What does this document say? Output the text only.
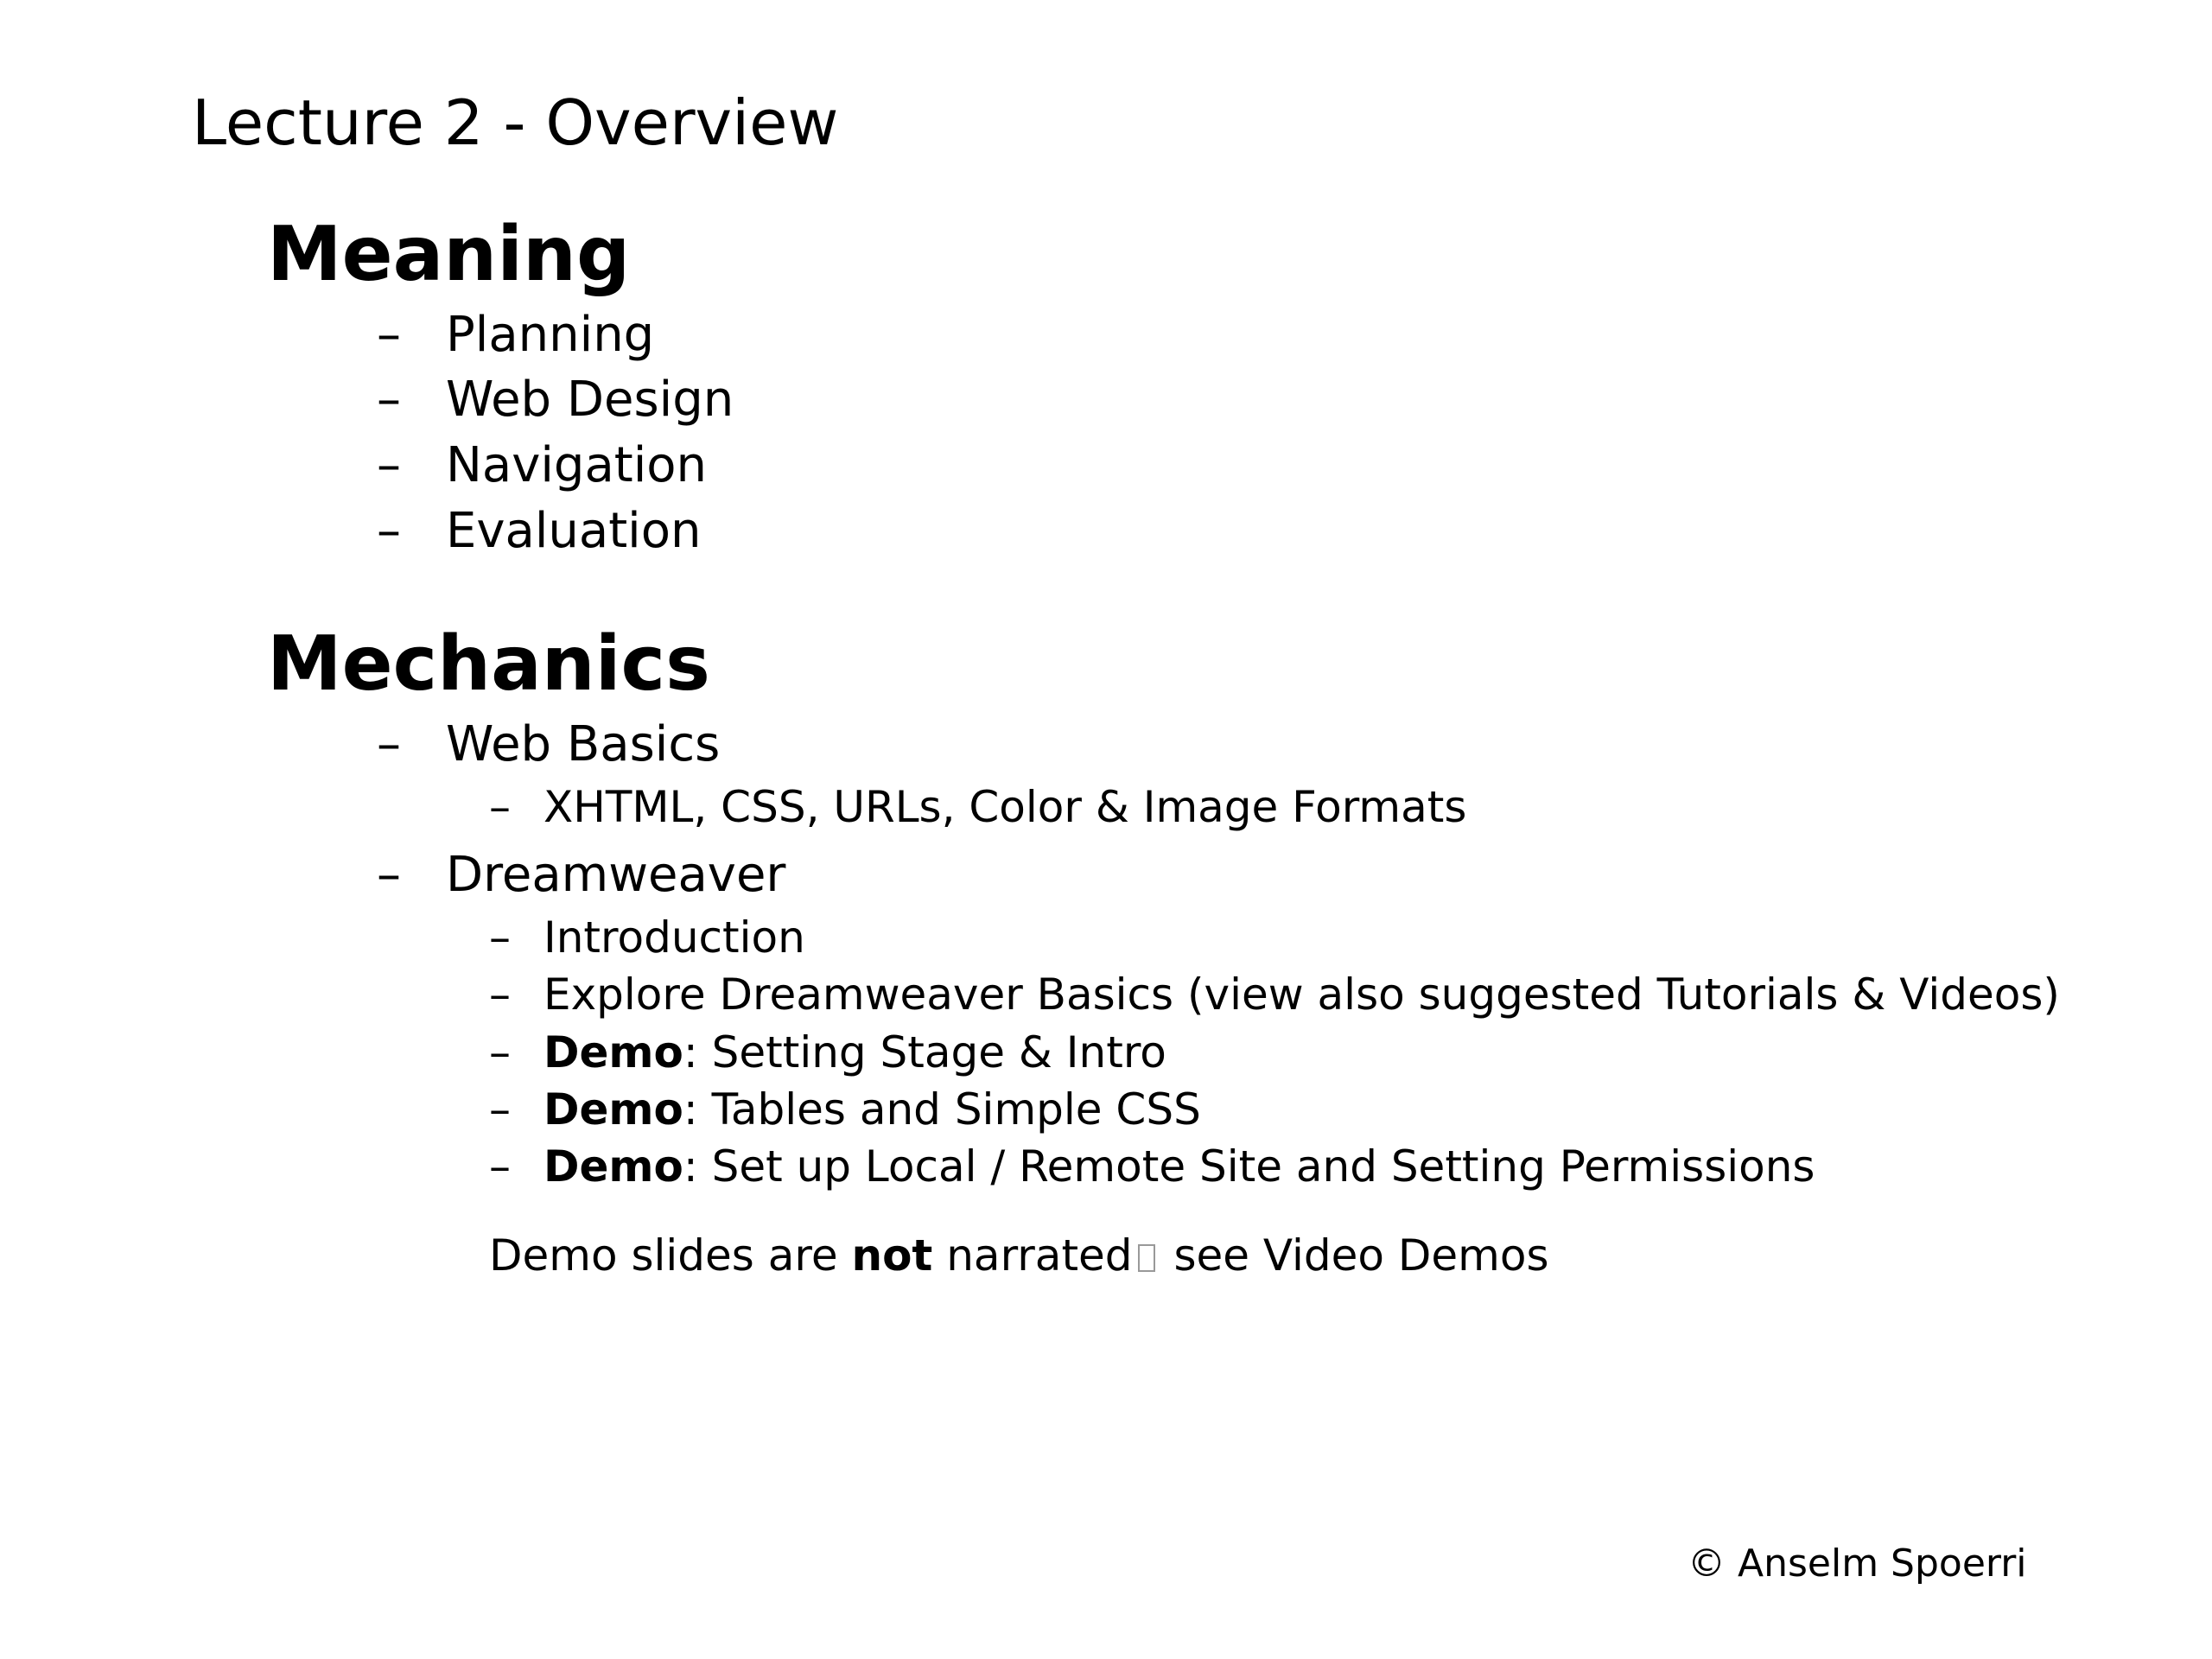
Lecture 2 - Overview
Meaning
– Planning
– Web Design
– Navigation
– Evaluation
Mechanics
– Web Basics
– XHTML, CSS, URLs, Color & Image Formats
– Dreamweaver
– Introduction
– Explore Dreamweaver Basics (view also suggested Tutorials & Videos)
– Demo: Setting Stage & Intro
– Demo: Tables and Simple CSS
– Demo: Set up Local / Remote Site and Setting Permissions
Demo slides are not narrated see Video Demos
© Anselm Spoerri
